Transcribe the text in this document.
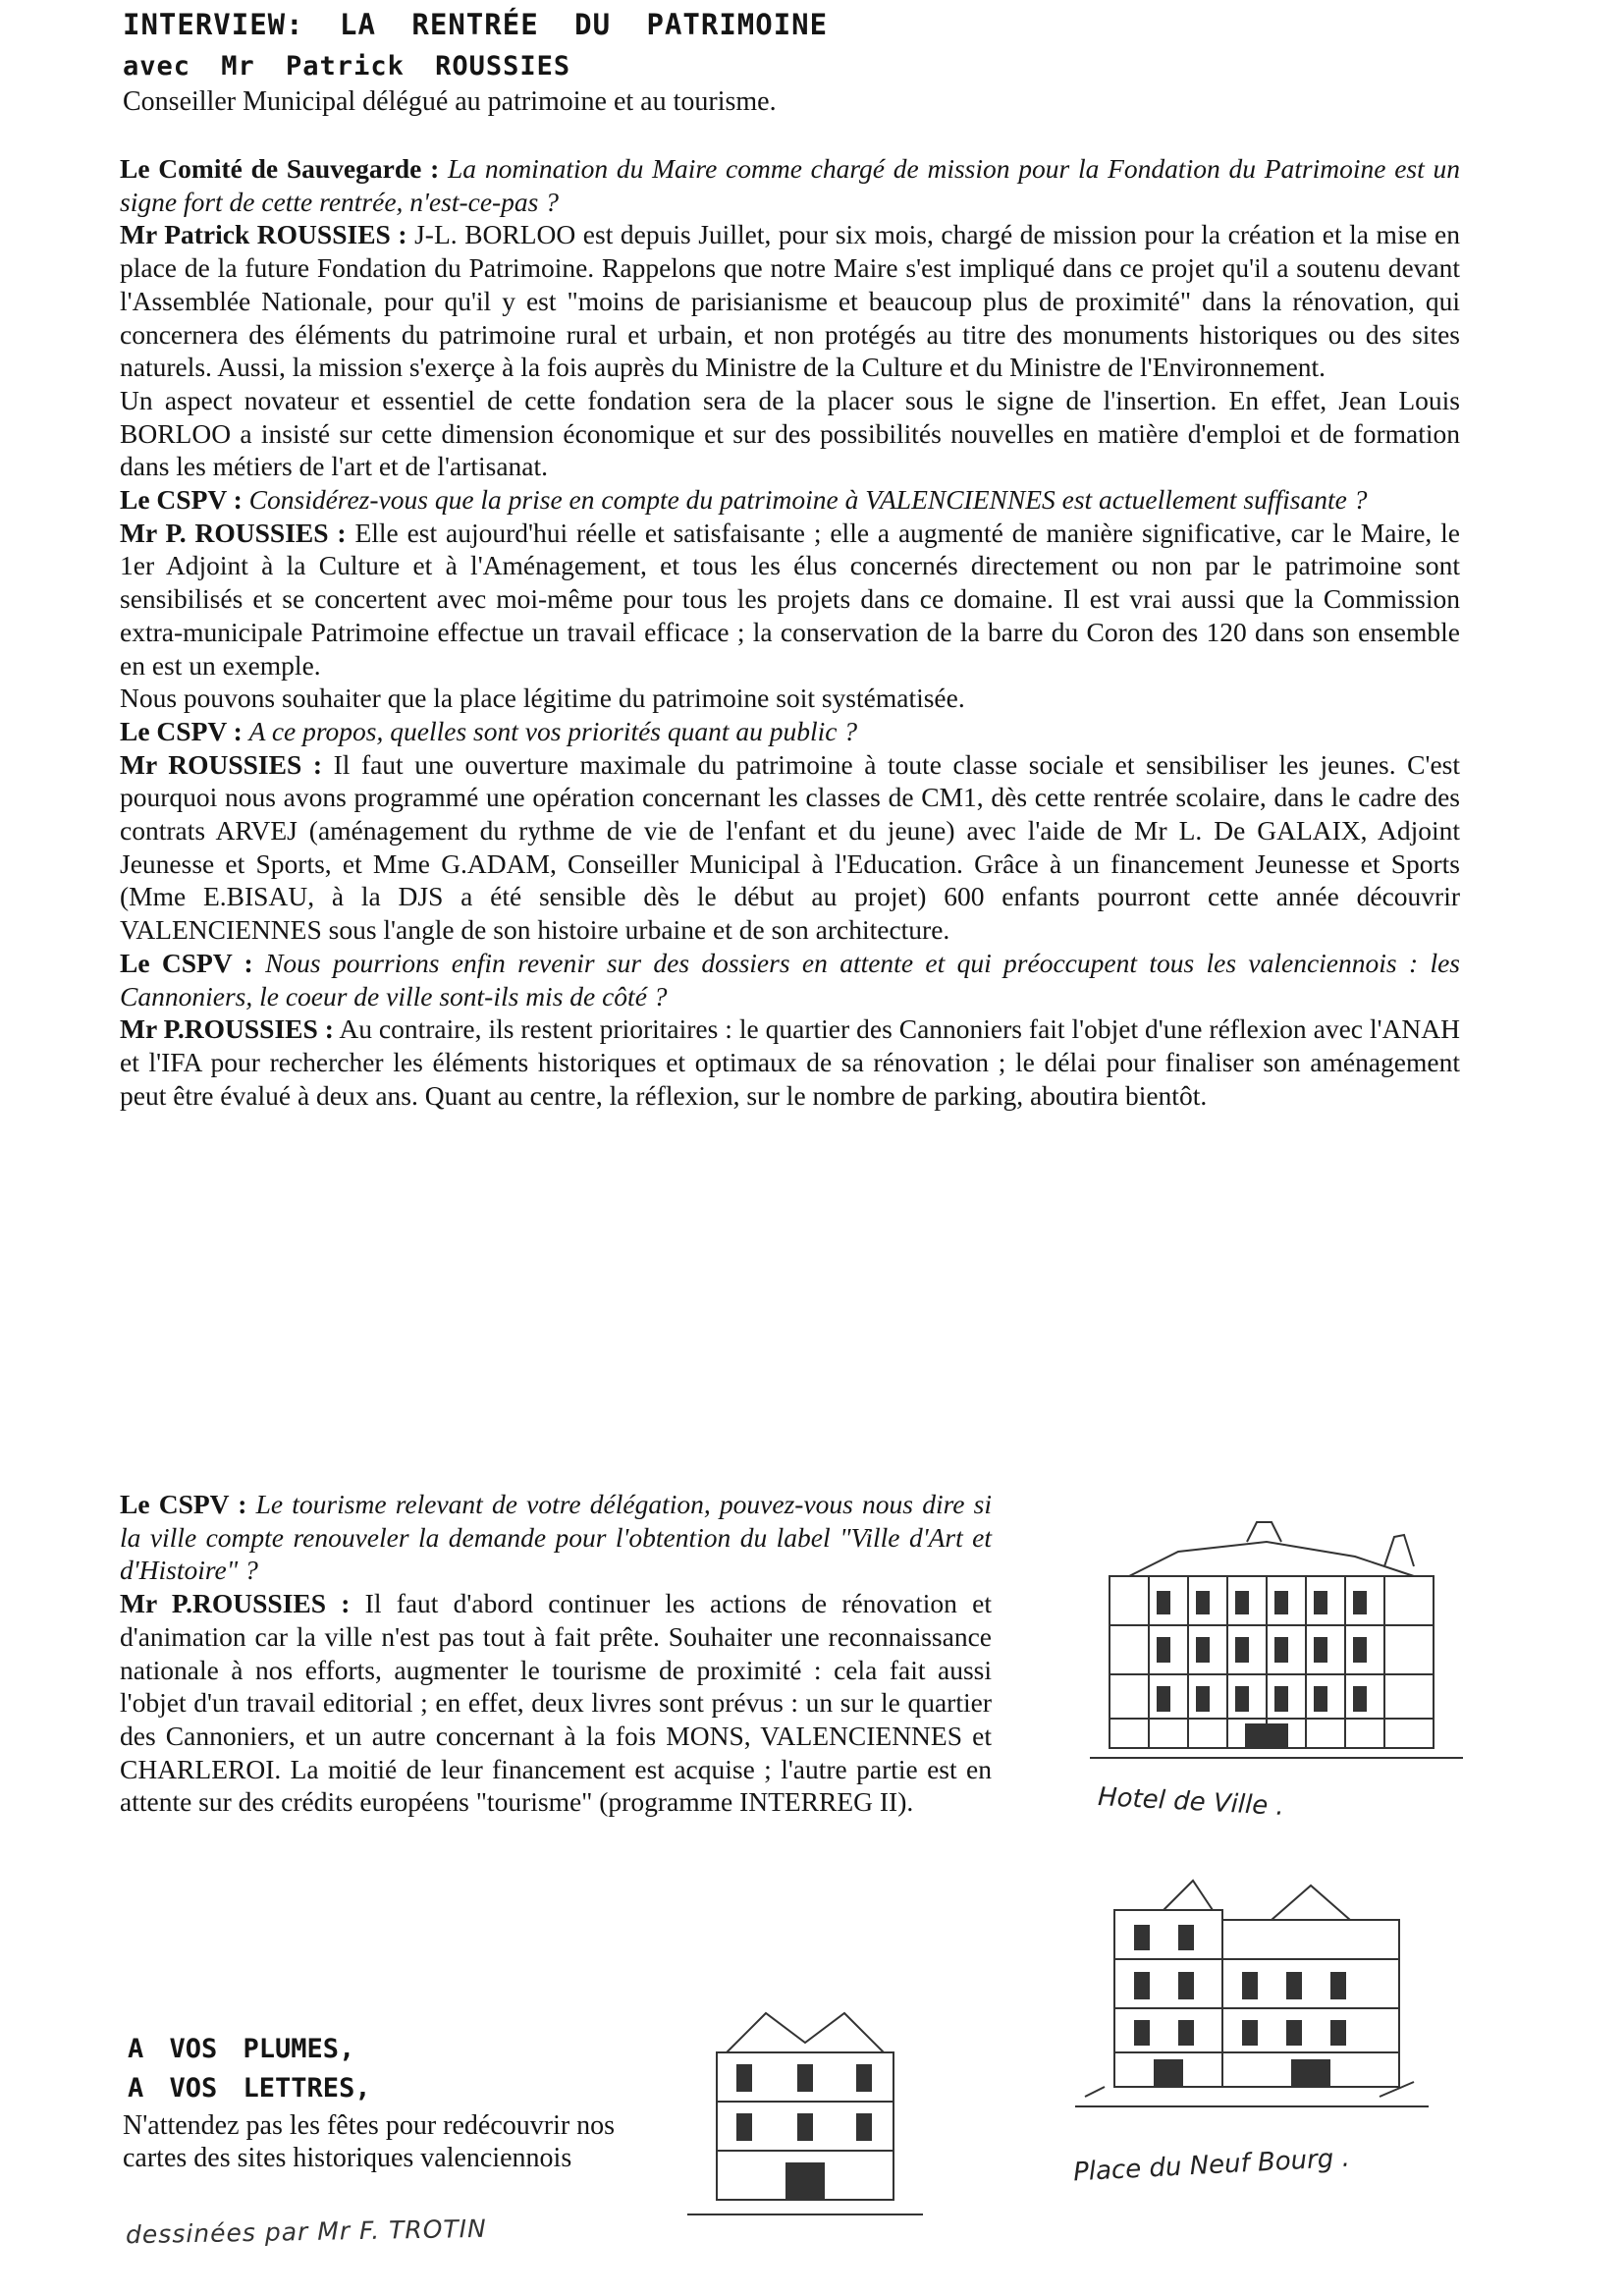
INTERVIEW: LA RENTRÉE DU PATRIMOINE
avec Mr Patrick ROUSSIES
Conseiller Municipal délégué au patrimoine et au tourisme.

Le Comité de Sauvegarde : La nomination du Maire comme chargé de mission pour la Fondation du Patrimoine est un signe fort de cette rentrée, n'est-ce-pas ?

Mr Patrick ROUSSIES : J-L. BORLOO est depuis Juillet, pour six mois, chargé de mission pour la création et la mise en place de la future Fondation du Patrimoine. Rappelons que notre Maire s'est impliqué dans ce projet qu'il a soutenu devant l'Assemblée Nationale, pour qu'il y est "moins de parisianisme et beaucoup plus de proximité" dans la rénovation, qui concernera des éléments du patrimoine rural et urbain, et non protégés au titre des monuments historiques ou des sites naturels. Aussi, la mission s'exerçe à la fois auprès du Ministre de la Culture et du Ministre de l'Environnement.

Un aspect novateur et essentiel de cette fondation sera de la placer sous le signe de l'insertion. En effet, Jean Louis BORLOO a insisté sur cette dimension économique et sur des possibilités nouvelles en matière d'emploi et de formation dans les métiers de l'art et de l'artisanat.

Le CSPV : Considérez-vous que la prise en compte du patrimoine à VALENCIENNES est actuellement suffisante ?

Mr P. ROUSSIES : Elle est aujourd'hui réelle et satisfaisante ; elle a augmenté de manière significative, car le Maire, le 1er Adjoint à la Culture et à l'Aménagement, et tous les élus concernés directement ou non par le patrimoine sont sensibilisés et se concertent avec moi-même pour tous les projets dans ce domaine. Il est vrai aussi que la Commission extra-municipale Patrimoine effectue un travail efficace ; la conservation de la barre du Coron des 120 dans son ensemble en est un exemple.

Nous pouvons souhaiter que la place légitime du patrimoine soit systématisée.

Le CSPV : A ce propos, quelles sont vos priorités quant au public ?

Mr ROUSSIES : Il faut une ouverture maximale du patrimoine à toute classe sociale et sensibiliser les jeunes. C'est pourquoi nous avons programmé une opération concernant les classes de CM1, dès cette rentrée scolaire, dans le cadre des contrats ARVEJ (aménagement du rythme de vie de l'enfant et du jeune) avec l'aide de Mr L. De GALAIX, Adjoint Jeunesse et Sports, et Mme G.ADAM, Conseiller Municipal à l'Education. Grâce à un financement Jeunesse et Sports (Mme E.BISAU, à la DJS a été sensible dès le début au projet) 600 enfants pourront cette année découvrir VALENCIENNES sous l'angle de son histoire urbaine et de son architecture.

Le CSPV : Nous pourrions enfin revenir sur des dossiers en attente et qui préoccupent tous les valenciennois : les Cannoniers, le coeur de ville sont-ils mis de côté ?

Mr P.ROUSSIES : Au contraire, ils restent prioritaires : le quartier des Cannoniers fait l'objet d'une réflexion avec l'ANAH et l'IFA pour rechercher les éléments historiques et optimaux de sa rénovation ; le délai pour finaliser son aménagement peut être évalué à deux ans. Quant au centre, la réflexion, sur le nombre de parking, aboutira bientôt.

Le CSPV : Le tourisme relevant de votre délégation, pouvez-vous nous dire si la ville compte renouveler la demande pour l'obtention du label "Ville d'Art et d'Histoire" ?

Mr P.ROUSSIES : Il faut d'abord continuer les actions de rénovation et d'animation car la ville n'est pas tout à fait prête. Souhaiter une reconnaissance nationale à nos efforts, augmenter le tourisme de proximité : cela fait aussi l'objet d'un travail editorial ; en effet, deux livres sont prévus : un sur le quartier des Cannoniers, et un autre concernant à la fois MONS, VALENCIENNES et CHARLEROI. La moitié de leur financement est acquise ; l'autre partie est en attente sur des crédits européens "tourisme" (programme INTERREG II).	Hotel de Ville .
Place du Neuf Bourg .
A VOS PLUMES,
A VOS LETTRES,
N'attendez pas les fêtes pour redécouvrir nos cartes des sites historiques valenciennois
dessinées par Mr F. TROTIN
